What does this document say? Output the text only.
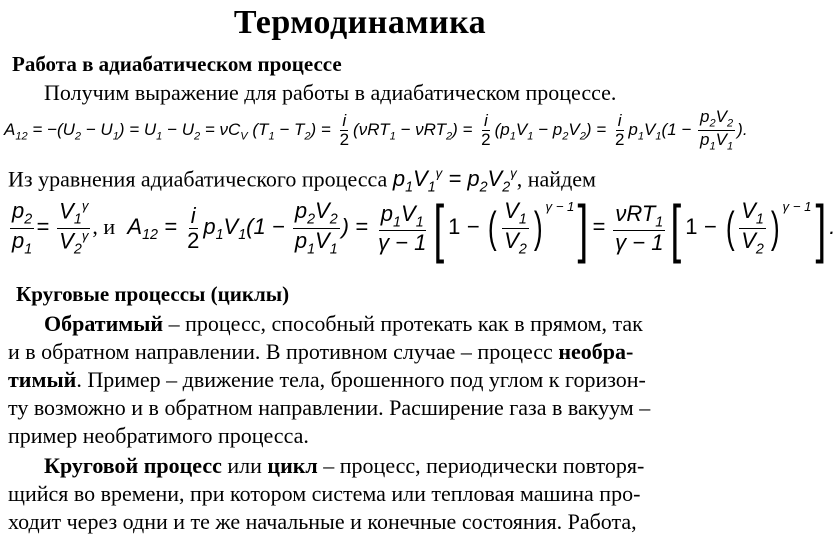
Термодинамика
Работа в адиабатическом процессе
Получим выражение для работы в адиабатическом процессе.
$A_{12} = -(U_2 - U_1) = U_1 - U_2 = \nu C_V$ $(T_1 - T_2) = \frac{i}{2} (\nu RT_1 - \nu RT_2) = \frac{i}{2} (p_1V_1 - p_2V_2) = \frac{i}{2} p_1V_1(1 - \frac{p_2V_2}{p_1V_1}$ ).
Из уравнения адиабатического процесса $p_1V_1^\gamma = p_2V_2^\gamma$, найдем
$\frac{p_2}{p_1} = \frac{V_1^\gamma}{V_2^\gamma}$ , и  $A_{12} = \frac{i}{2} p_1V_1(1 - \frac{p_2V_2}{p_1V_1}$ ) = $\frac{p_1V_1}{\gamma - 1}$ [ 1 − ( $\frac{V_1}{V_2}$ ) $^{\gamma - 1}] = \frac{\nu RT_1}{\gamma - 1}$ [ 1 − ( $\frac{V_1}{V_2}$ ) $^{\gamma - 1}$] .
Круговые процессы (циклы)
Обратимый – процесс, способный протекать как в прямом, так
и в обратном направлении. В противном случае – процесс необра-
тимый. Пример – движение тела, брошенного под углом к горизон-
ту возможно и в обратном направлении. Расширение газа в вакуум –
пример необратимого процесса.
Круговой процесс или цикл – процесс, периодически повторя-
щийся во времени, при котором система или тепловая машина про-
ходит через одни и те же начальные и конечные состояния. Работа,
